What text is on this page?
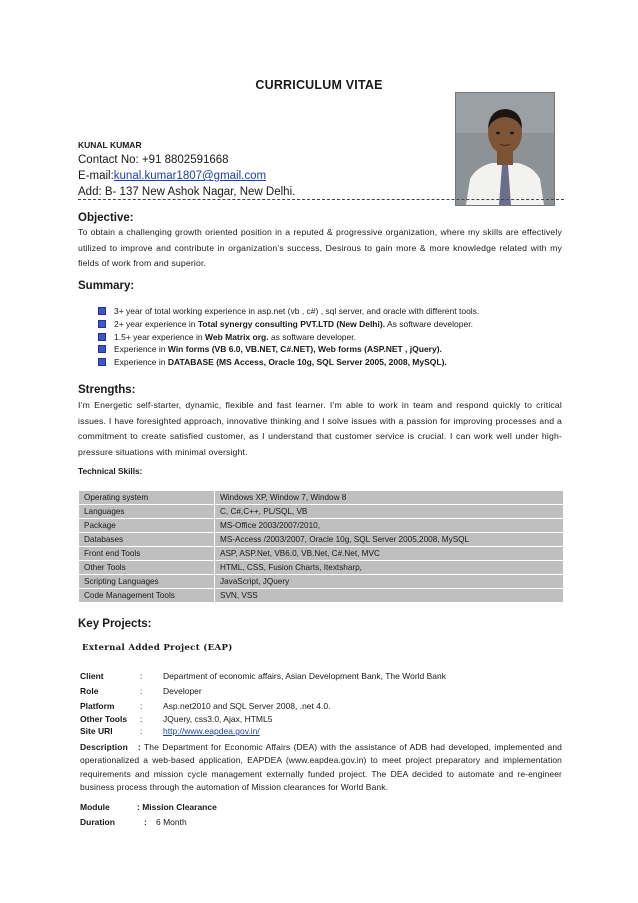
CURRICULUM VITAE
KUNAL KUMAR
Contact No: +91 8802591668
E-mail:kunal.kumar1807@gmail.com
Add: B- 137 New Ashok Nagar, New Delhi.
Objective:
To obtain a challenging growth oriented position in a reputed & progressive organization, where my skills are effectively utilized to improve and contribute in organization’s success, Desirous to gain more & more knowledge related with my fields of work from and superior.
Summary:
3+ year of total working experience in asp.net (vb , c#) , sql server, and oracle with different tools.
2+ year experience in Total synergy consulting PVT.LTD (New Delhi). As software developer.
1.5+ year experience in Web Matrix org. as software developer.
Experience in Win forms (VB 6.0, VB.NET, C#.NET), Web forms (ASP.NET , jQuery).
Experience in DATABASE (MS Access, Oracle 10g, SQL Server 2005, 2008, MySQL).
Strengths:
I’m Energetic self-starter, dynamic, flexible and fast learner. I’m able to work in team and respond quickly to critical issues. I have foresighted approach, innovative thinking and I solve issues with a passion for improving processes and a commitment to create satisfied customer, as I understand that customer service is crucial. I can work well under high-pressure situations with minimal oversight.
Technical Skills:
Operating system	Windows XP, Window 7, Window 8
Languages	C, C#,C++, PL/SQL, VB
Package	MS-Office 2003/2007/2010,
Databases	MS-Access /2003/2007, Oracle 10g, SQL Server 2005,2008, MySQL
Front end Tools	ASP, ASP.Net, VB6.0, VB.Net, C#.Net, MVC
Other Tools	HTML, CSS, Fusion Charts, Itextsharp,
Scripting Languages	JavaScript, JQuery
Code Management Tools	SVN, VSS
Key Projects:
External Added Project (EAP)
Client	: Department of economic affairs, Asian Development Bank, The World Bank
Role	: Developer
Platform	: Asp.net2010 and SQL Server 2008, .net 4.0.
Other Tools : JQuery, css3.0, Ajax, HTML5
Site URl	: http://www.eapdea.gov.in/
Description : The Department for Economic Affairs (DEA) with the assistance of ADB had developed, implemented and operationalized a web-based application, EAPDEA (www.eapdea.gov.in) to meet project preparatory and implementation requirements and mission cycle management externally funded project. The DEA decided to automate and re-engineer business process through the automation of Mission clearances for World Bank.
Module	: Mission Clearance
Duration	: 6 Month
